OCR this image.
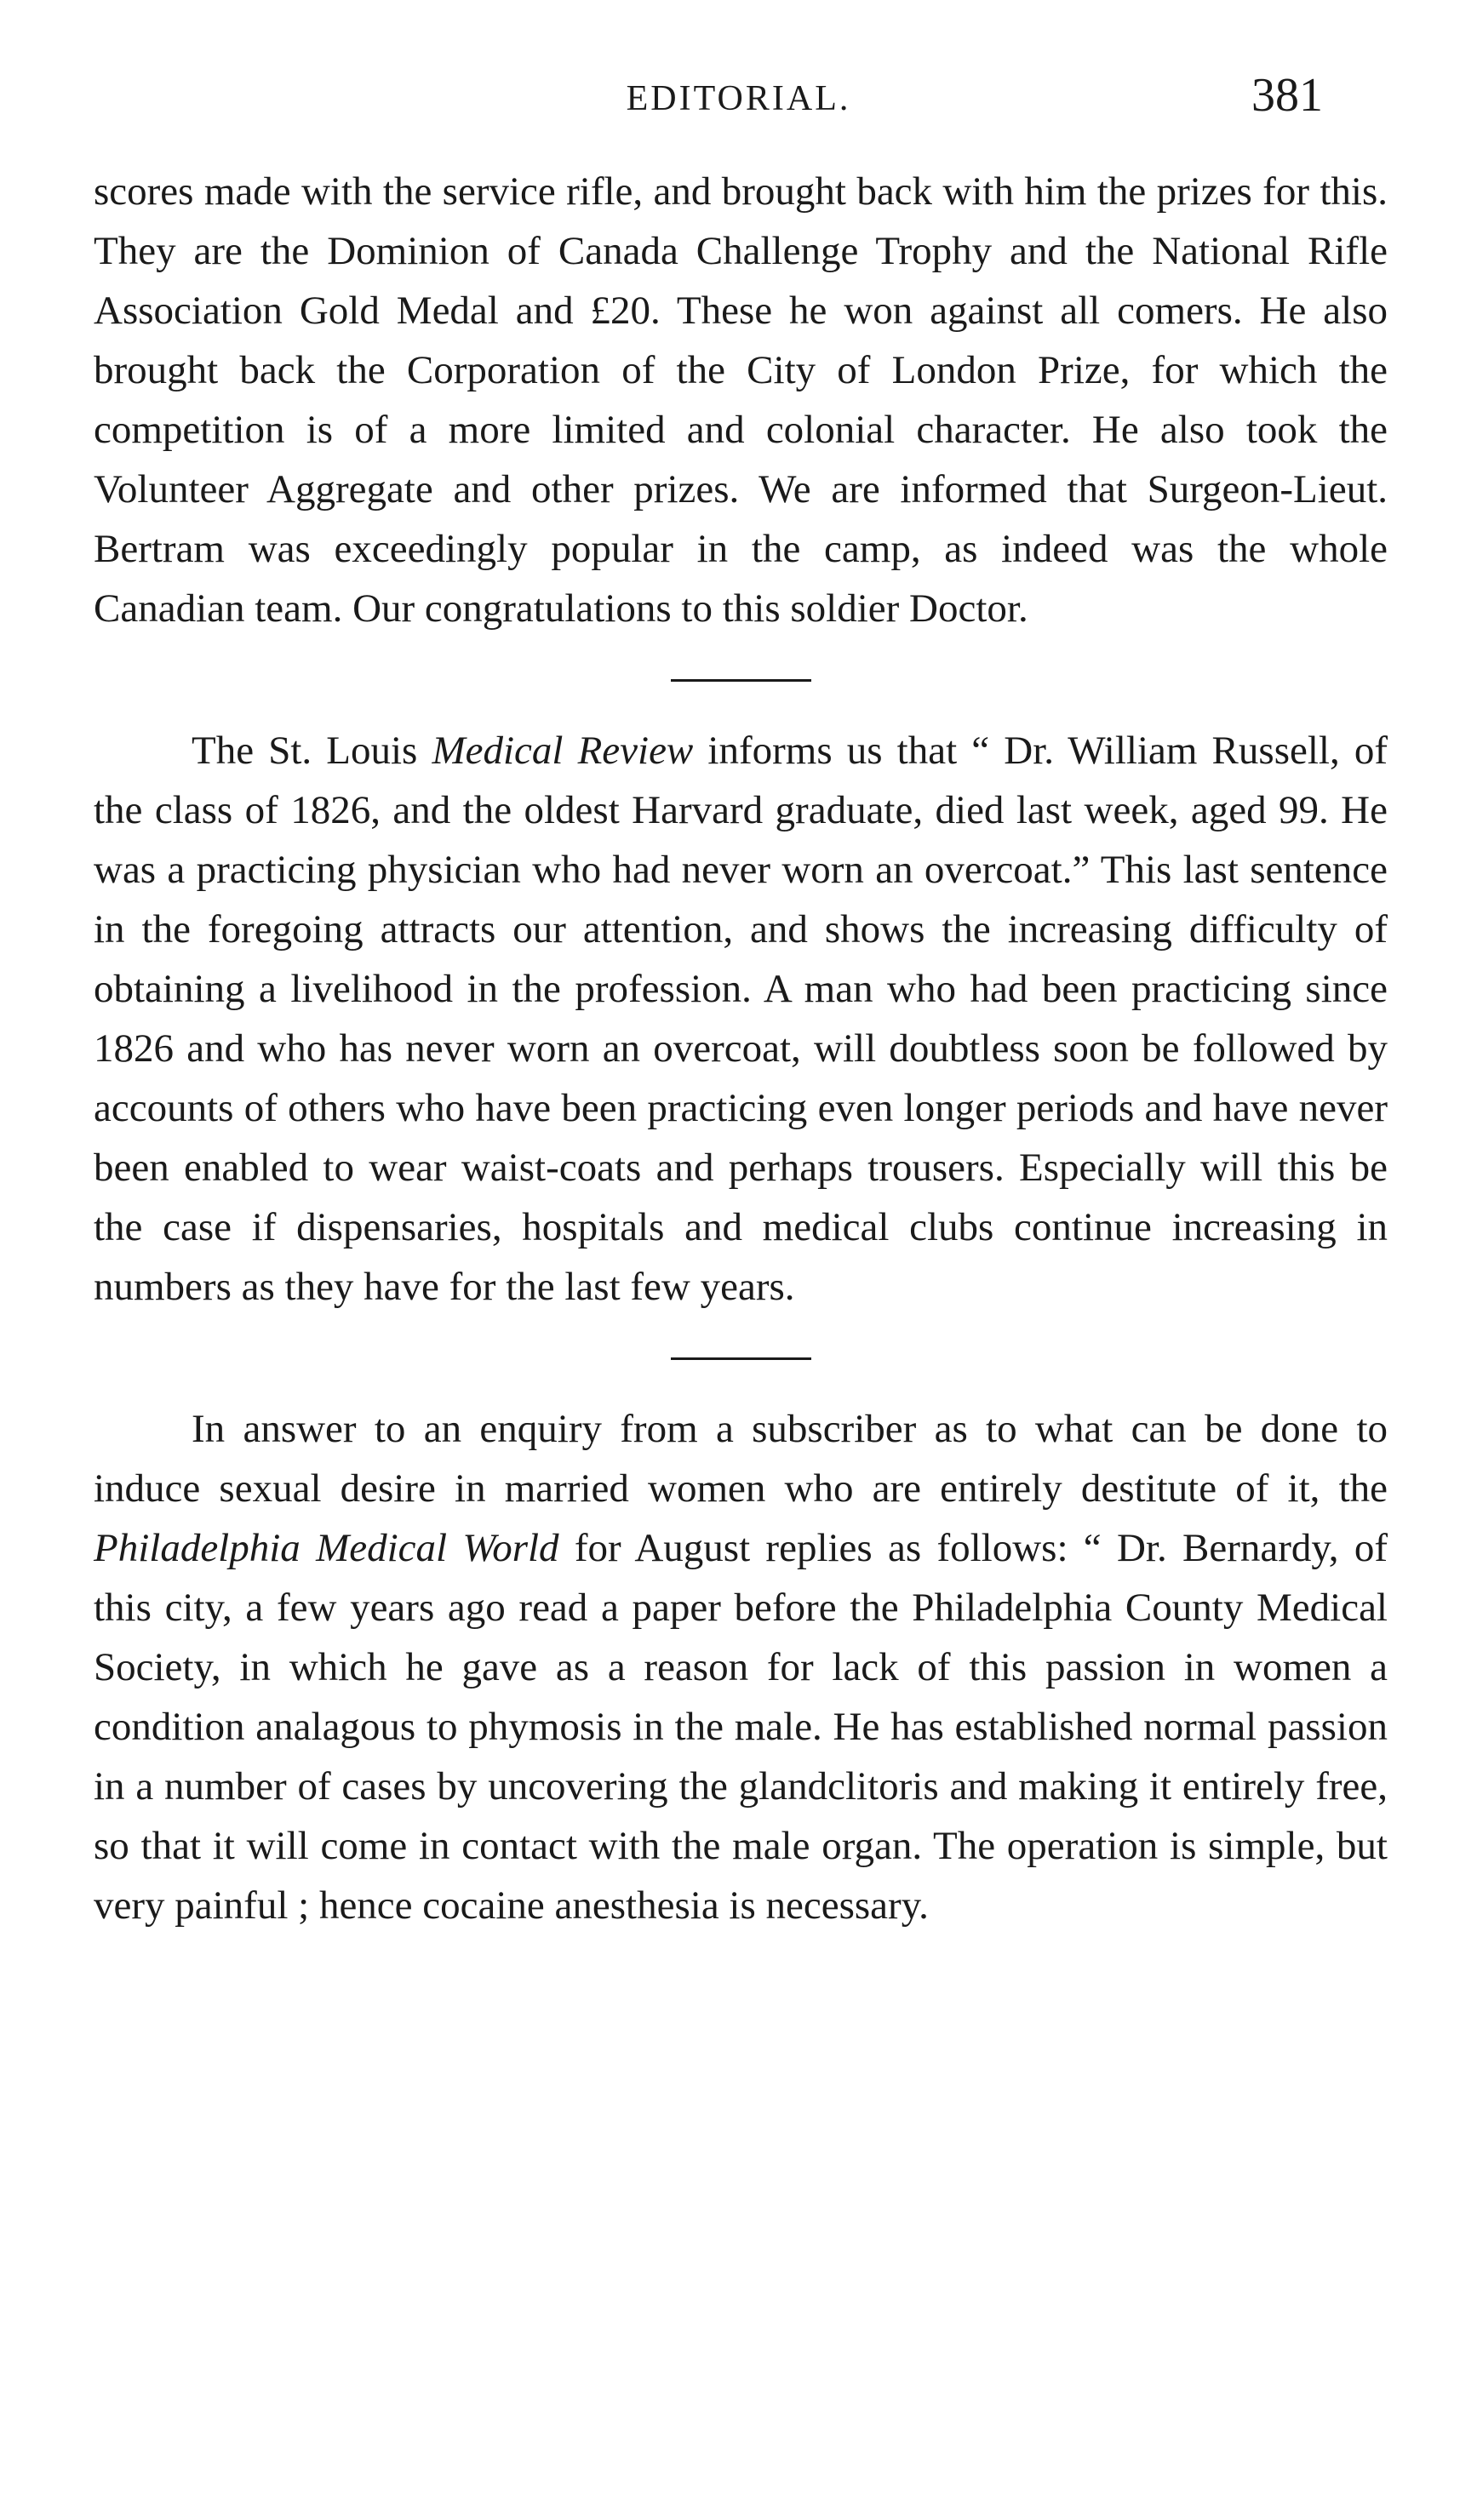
EDITORIAL.	381

scores made with the service rifle, and brought back with him the prizes for this. They are the Dominion of Canada Challenge Trophy and the National Rifle Association Gold Medal and £20. These he won against all comers. He also brought back the Corporation of the City of London Prize, for which the competition is of a more limited and colonial character. He also took the Volunteer Aggregate and other prizes. We are informed that Surgeon-Lieut. Bertram was exceedingly popular in the camp, as indeed was the whole Canadian team. Our congratulations to this soldier Doctor.

The St. Louis Medical Review informs us that “ Dr. William Russell, of the class of 1826, and the oldest Harvard graduate, died last week, aged 99. He was a practicing physician who had never worn an overcoat.” This last sentence in the foregoing attracts our attention, and shows the increasing difficulty of obtaining a livelihood in the profession. A man who had been practicing since 1826 and who has never worn an overcoat, will doubtless soon be followed by accounts of others who have been practicing even longer periods and have never been enabled to wear waist-coats and perhaps trousers. Especially will this be the case if dispensaries, hospitals and medical clubs continue increasing in numbers as they have for the last few years.

In answer to an enquiry from a subscriber as to what can be done to induce sexual desire in married women who are entirely destitute of it, the Philadelphia Medical World for August replies as follows: “ Dr. Bernardy, of this city, a few years ago read a paper before the Philadelphia County Medical Society, in which he gave as a reason for lack of this passion in women a condition analagous to phymosis in the male. He has established normal passion in a number of cases by uncovering the glandclitoris and making it entirely free, so that it will come in contact with the male organ. The operation is simple, but very painful ; hence cocaine anesthesia is necessary.
